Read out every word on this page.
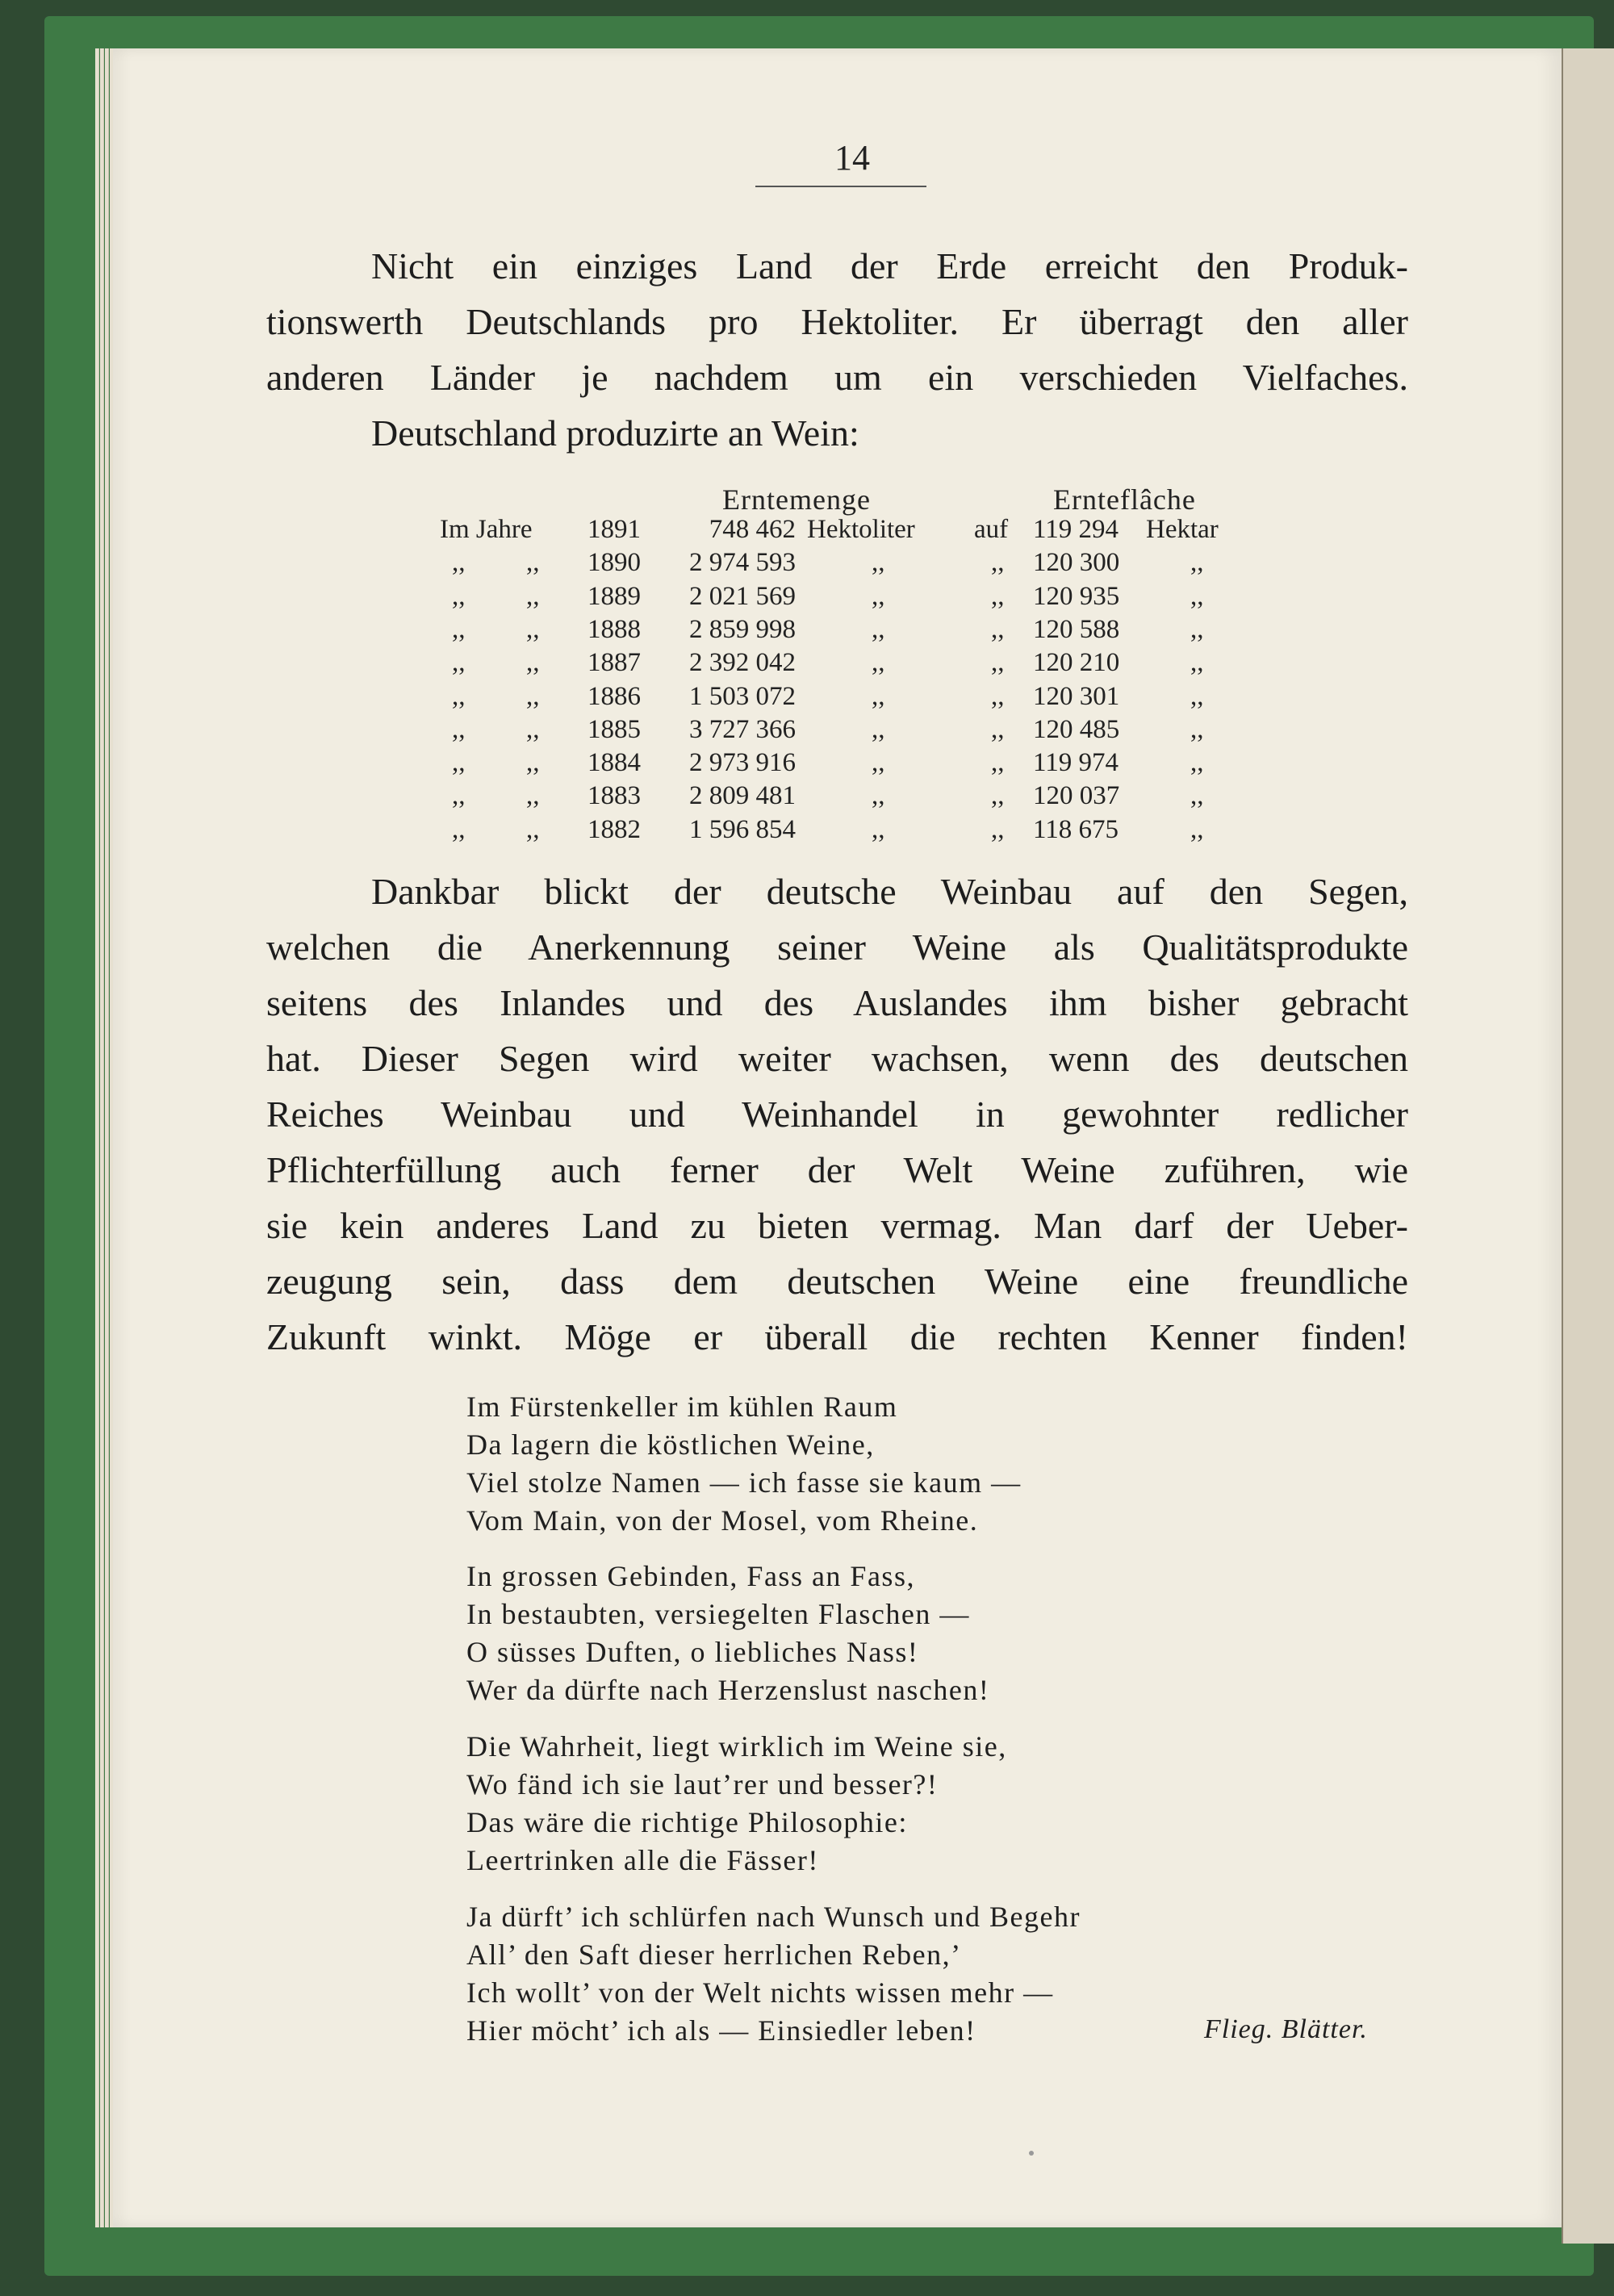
14
Nicht ein einziges Land der Erde erreicht den Produk-
tionswerth Deutschlands pro Hektoliter. Er überragt den aller
anderen Länder je nachdem um ein verschieden Vielfaches.
Deutschland produzirte an Wein:
Erntemenge	Ernteflâche
Im Jahre 1891	748 462 Hektoliter auf 119 294 Hektar
,, ,, 1890 2 974 593	,,	,, 120 300	,,
,, ,, 1889 2 021 569	,,	,, 120 935	,,
,, ,, 1888 2 859 998	,,	,, 120 588	,,
,, ,, 1887 2 392 042	,,	,, 120 210	,,
,, ,, 1886 1 503 072	,,	,, 120 301	,,
,, ,, 1885 3 727 366	,,	,, 120 485	,,
,, ,, 1884 2 973 916	,,	,, 119 974	,,
,, ,, 1883 2 809 481	,,	,, 120 037	,,
,, ,, 1882 1 596 854	,,	,, 118 675	,,
Dankbar blickt der deutsche Weinbau auf den Segen,
welchen die Anerkennung seiner Weine als Qualitätsprodukte
seitens des Inlandes und des Auslandes ihm bisher gebracht
hat. Dieser Segen wird weiter wachsen, wenn des deutschen
Reiches Weinbau und Weinhandel in gewohnter redlicher
Pflichterfüllung auch ferner der Welt Weine zuführen, wie
sie kein anderes Land zu bieten vermag. Man darf der Ueber-
zeugung sein, dass dem deutschen Weine eine freundliche
Zukunft winkt. Möge er überall die rechten Kenner finden!
Im Fürstenkeller im kühlen Raum
Da lagern die köstlichen Weine,
Viel stolze Namen — ich fasse sie kaum —
Vom Main, von der Mosel, vom Rheine.
In grossen Gebinden, Fass an Fass,
In bestaubten, versiegelten Flaschen —
O süsses Duften, o liebliches Nass!
Wer da dürfte nach Herzenslust naschen!
Die Wahrheit, liegt wirklich im Weine sie,
Wo fänd ich sie laut’rer und besser?!
Das wäre die richtige Philosophie:
Leertrinken alle die Fässer!
Ja dürft’ ich schlürfen nach Wunsch und Begehr
All’ den Saft dieser herrlichen Reben,’
Ich wollt’ von der Welt nichts wissen mehr —
Hier möcht’ ich als — Einsiedler leben!	Flieg. Blätter.
